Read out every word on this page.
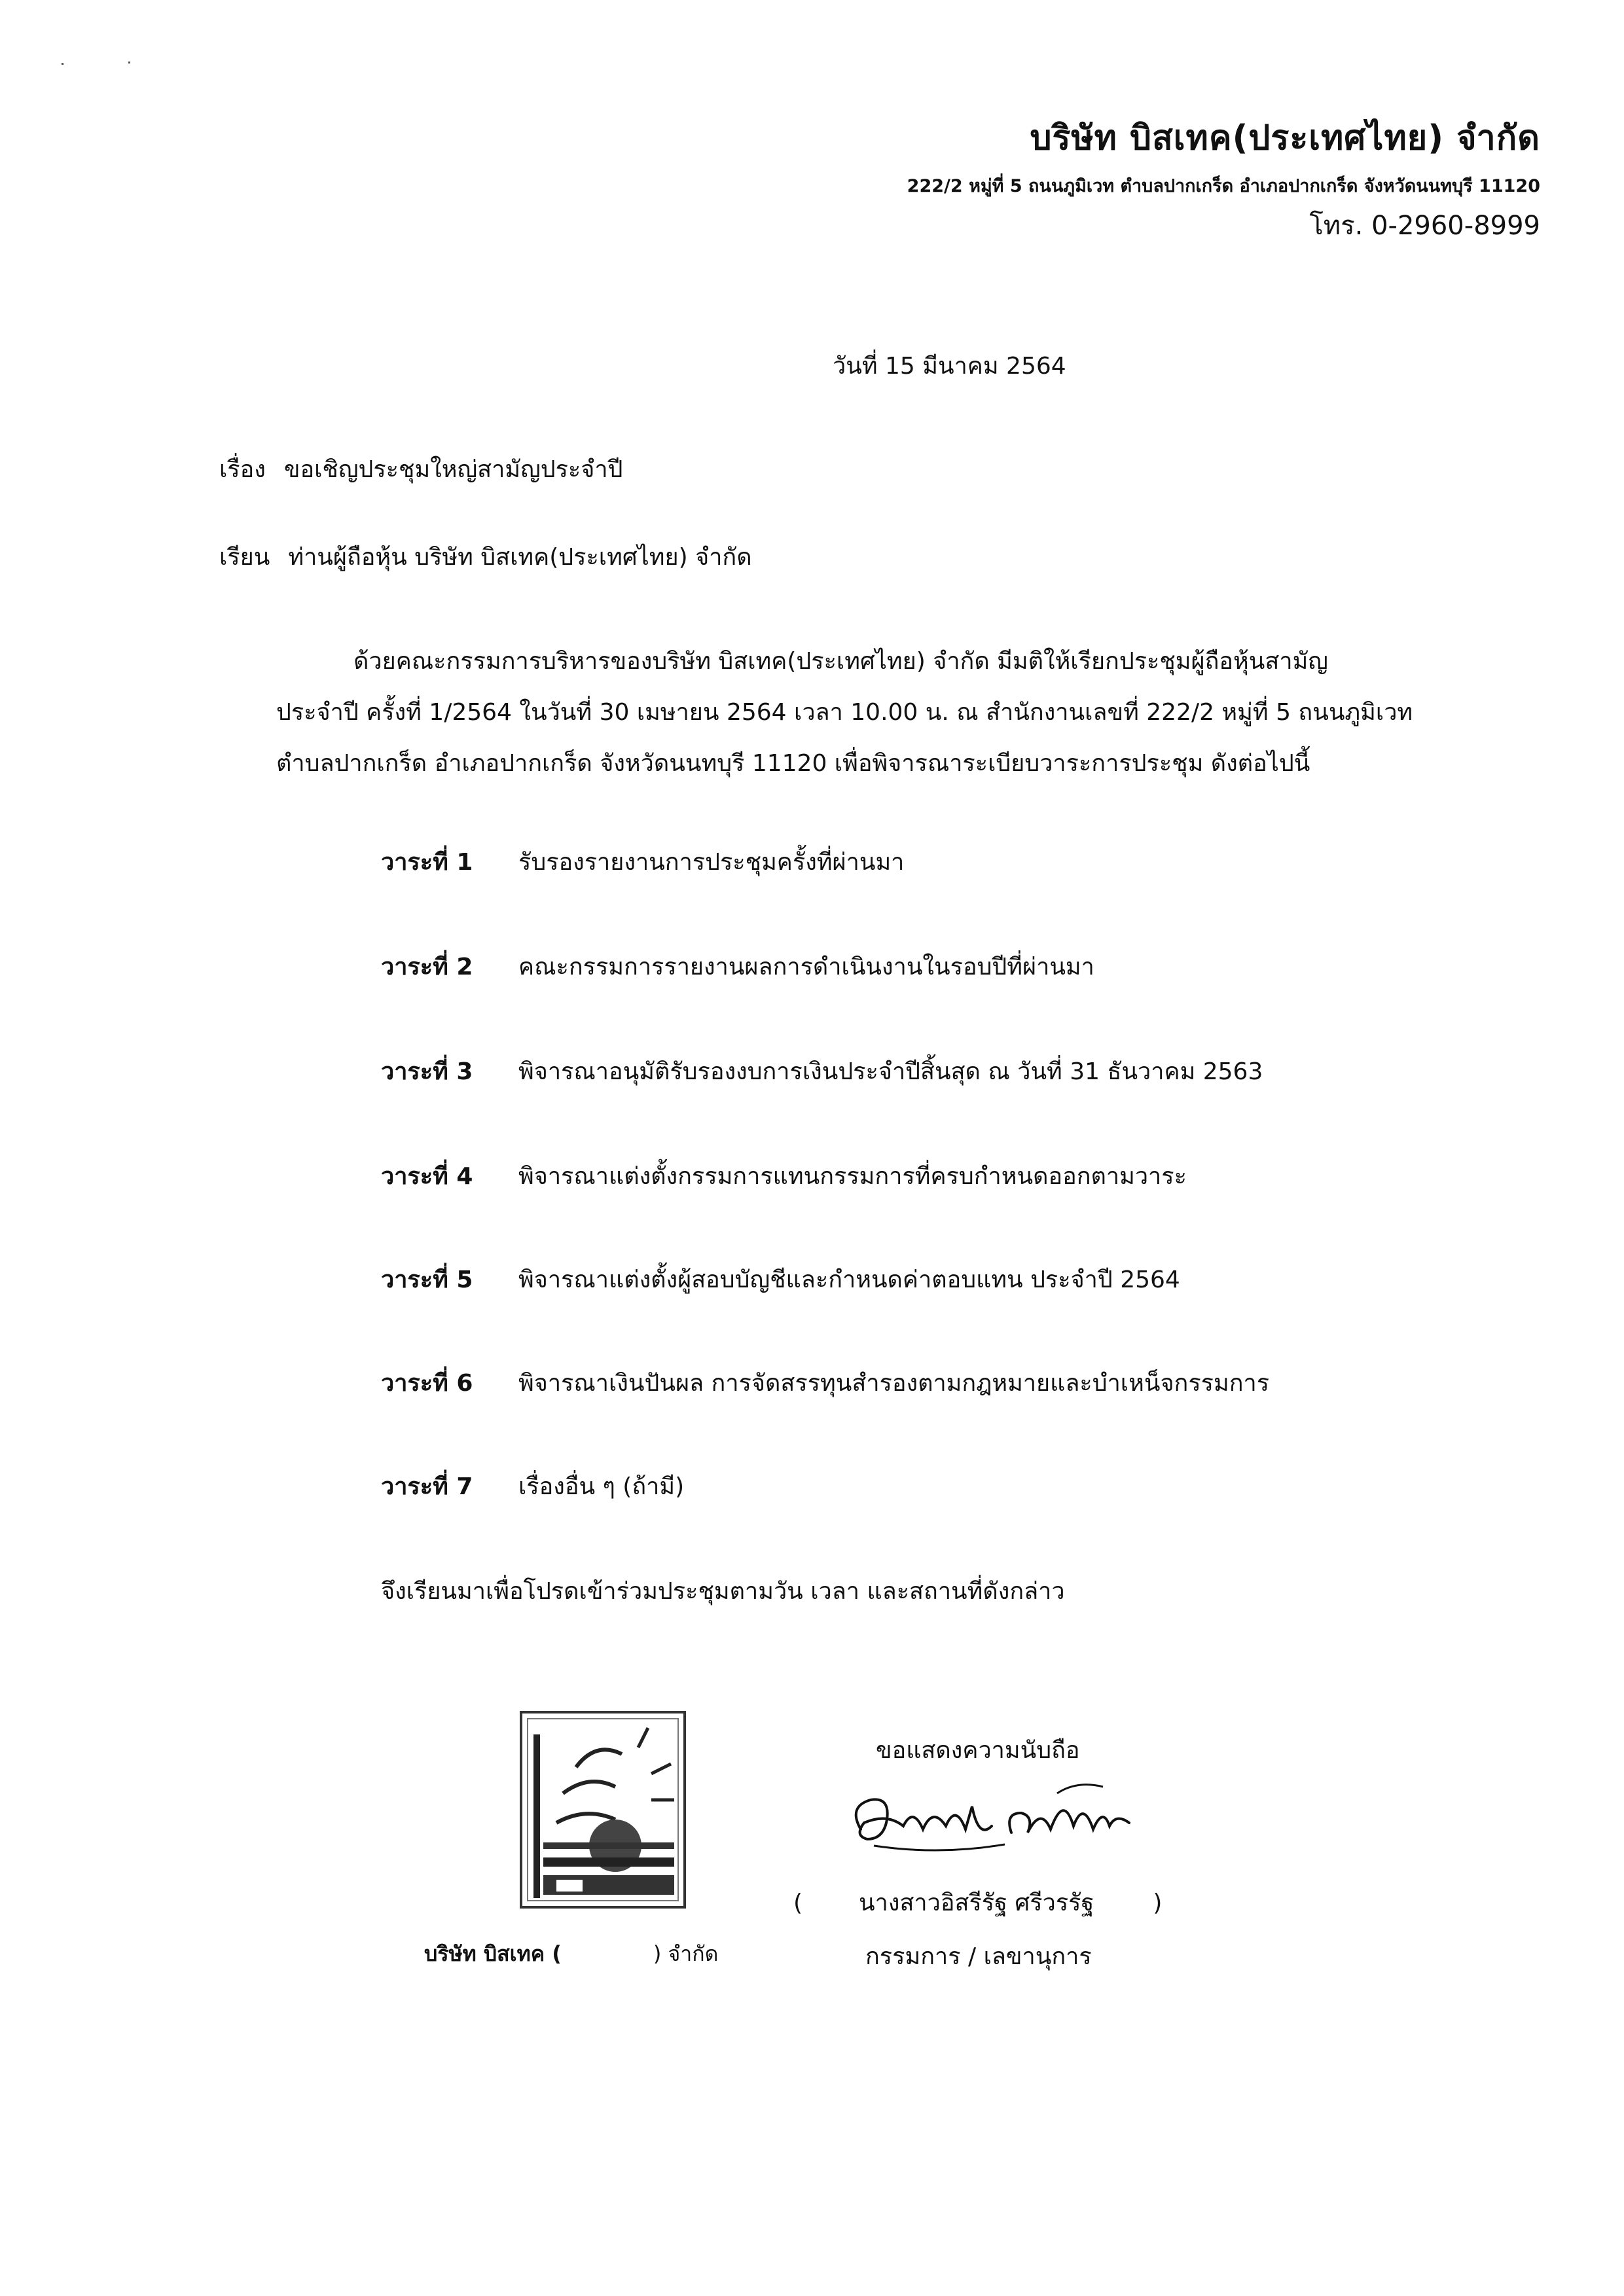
บริษัท บิสเทค(ประเทศไทย) จำกัด
222/2 หมู่ที่ 5 ถนนภูมิเวท ตำบลปากเกร็ด อำเภอปากเกร็ด จังหวัดนนทบุรี 11120
โทร. 0-2960-8999
วันที่ 15 มีนาคม 2564
เรื่อง ขอเชิญประชุมใหญ่สามัญประจำปี
เรียน ท่านผู้ถือหุ้น บริษัท บิสเทค(ประเทศไทย) จำกัด
ด้วยคณะกรรมการบริหารของบริษัท บิสเทค(ประเทศไทย) จำกัด มีมติให้เรียกประชุมผู้ถือหุ้นสามัญ
ประจำปี ครั้งที่ 1/2564 ในวันที่ 30 เมษายน 2564 เวลา 10.00 น. ณ สำนักงานเลขที่ 222/2 หมู่ที่ 5 ถนนภูมิเวท
ตำบลปากเกร็ด อำเภอปากเกร็ด จังหวัดนนทบุรี 11120 เพื่อพิจารณาระเบียบวาระการประชุม ดังต่อไปนี้
วาระที่ 1 รับรองรายงานการประชุมครั้งที่ผ่านมา
วาระที่ 2 คณะกรรมการรายงานผลการดำเนินงานในรอบปีที่ผ่านมา
วาระที่ 3 พิจารณาอนุมัติรับรองงบการเงินประจำปีสิ้นสุด ณ วันที่ 31 ธันวาคม 2563
วาระที่ 4 พิจารณาแต่งตั้งกรรมการแทนกรรมการที่ครบกำหนดออกตามวาระ
วาระที่ 5 พิจารณาแต่งตั้งผู้สอบบัญชีและกำหนดค่าตอบแทน ประจำปี 2564
วาระที่ 6 พิจารณาเงินปันผล การจัดสรรทุนสำรองตามกฎหมายและบำเหน็จกรรมการ
วาระที่ 7 เรื่องอื่น ๆ (ถ้ามี)
จึงเรียนมาเพื่อโปรดเข้าร่วมประชุมตามวัน เวลา และสถานที่ดังกล่าว
ขอแสดงความนับถือ
( นางสาวอิสรีรัฐ ศรีวรรัฐ	)
บริษัท บิสเทค (	) จำกัด	กรรมการ / เลขานุการ
